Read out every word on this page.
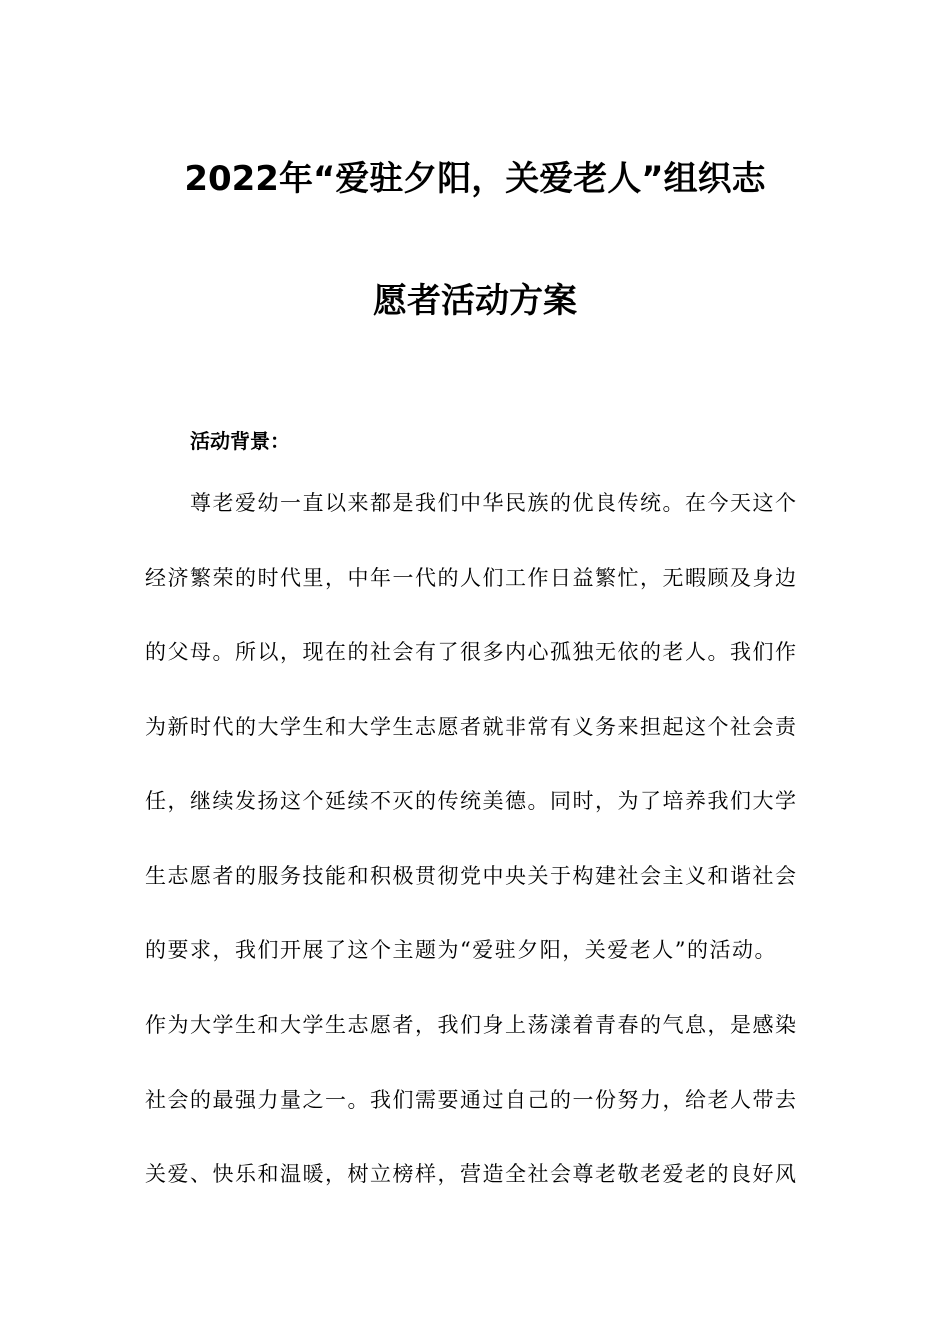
2022年“爱驻夕阳，关爱老人”组织志
愿者活动方案
活动背景：
尊老爱幼一直以来都是我们中华民族的优良传统。在今天这个
经济繁荣的时代里，中年一代的人们工作日益繁忙，无暇顾及身边
的父母。所以，现在的社会有了很多内心孤独无依的老人。我们作
为新时代的大学生和大学生志愿者就非常有义务来担起这个社会责
任，继续发扬这个延续不灭的传统美德。同时，为了培养我们大学
生志愿者的服务技能和积极贯彻党中央关于构建社会主义和谐社会
的要求，我们开展了这个主题为“爱驻夕阳，关爱老人”的活动。
作为大学生和大学生志愿者，我们身上荡漾着青春的气息，是感染
社会的最强力量之一。我们需要通过自己的一份努力，给老人带去
关爱、快乐和温暖，树立榜样，营造全社会尊老敬老爱老的良好风
